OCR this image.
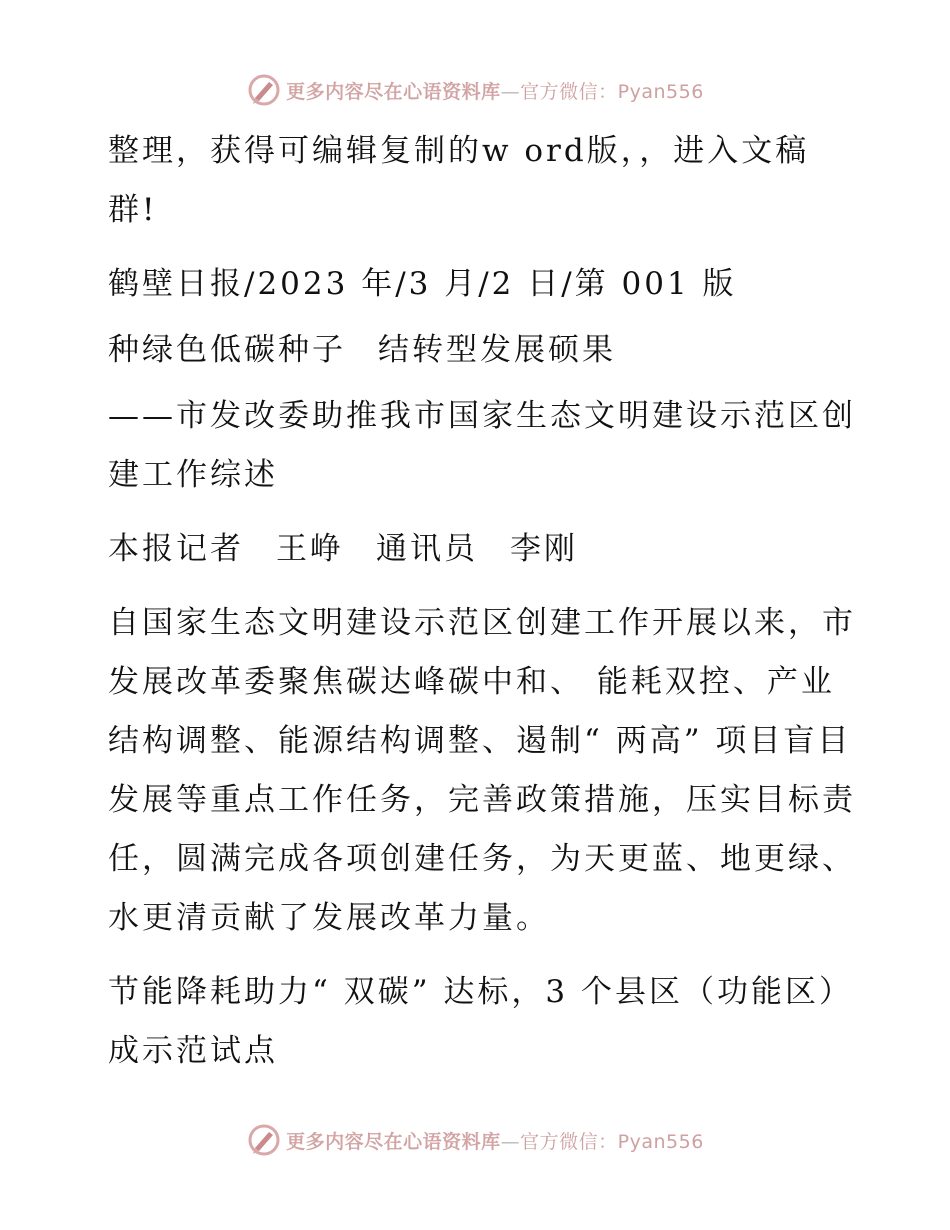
更多内容尽在心语资料库—官方微信：Pyan556

整理，获得可编辑复制的w ord版，，进入文稿群!

鹤壁日报/2023 年/3 月/2 日/第 001 版

种绿色低碳种子 结转型发展硕果

——市发改委助推我市国家生态文明建设示范区创建工作综述

本报记者 王峥 通讯员 李刚

自国家生态文明建设示范区创建工作开展以来，市发展改革委聚焦碳达峰碳中和、 能耗双控、产业结构调整、能源结构调整、遏制“ 两高” 项目盲目发展等重点工作任务，完善政策措施，压实目标责任，圆满完成各项创建任务，为天更蓝、地更绿、水更清贡献了发展改革力量。

节能降耗助力“ 双碳” 达标，3 个县区（功能区）成示范试点

更多内容尽在心语资料库—官方微信：Pyan556
